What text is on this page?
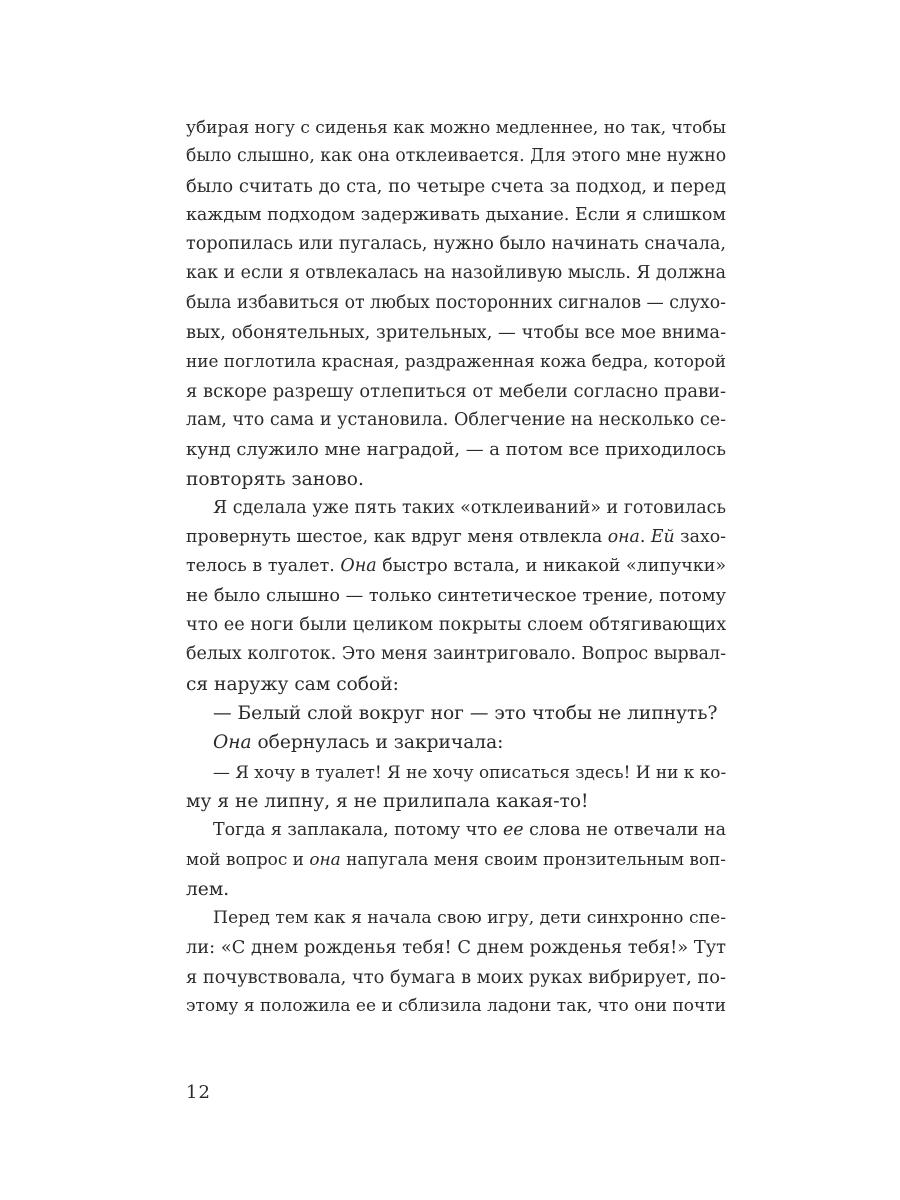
убирая ногу с сиденья как можно медленнее, но так, чтобы
было слышно, как она отклеивается. Для этого мне нужно
было считать до ста, по четыре счета за подход, и перед
каждым подходом задерживать дыхание. Если я слишком
торопилась или пугалась, нужно было начинать сначала,
как и если я отвлекалась на назойливую мысль. Я должна
была избавиться от любых посторонних сигналов — слухо-
вых, обонятельных, зрительных, — чтобы все мое внима-
ние поглотила красная, раздраженная кожа бедра, которой
я вскоре разрешу отлепиться от мебели согласно прави-
лам, что сама и установила. Облегчение на несколько се-
кунд служило мне наградой, — а потом все приходилось
повторять заново.
Я сделала уже пять таких «отклеиваний» и готовилась
провернуть шестое, как вдруг меня отвлекла она. Ей захо-
телось в туалет. Она быстро встала, и никакой «липучки»
не было слышно — только синтетическое трение, потому
что ее ноги были целиком покрыты слоем обтягивающих
белых колготок. Это меня заинтриговало. Вопрос вырвал-
ся наружу сам собой:
— Белый слой вокруг ног — это чтобы не липнуть?
Она обернулась и закричала:
— Я хочу в туалет! Я не хочу описаться здесь! И ни к ко-
му я не липну, я не прилипала какая-то!
Тогда я заплакала, потому что ее слова не отвечали на
мой вопрос и она напугала меня своим пронзительным воп-
лем.
Перед тем как я начала свою игру, дети синхронно спе-
ли: «С днем рожденья тебя! С днем рожденья тебя!» Тут
я почувствовала, что бумага в моих руках вибрирует, по-
этому я положила ее и сблизила ладони так, что они почти
12
